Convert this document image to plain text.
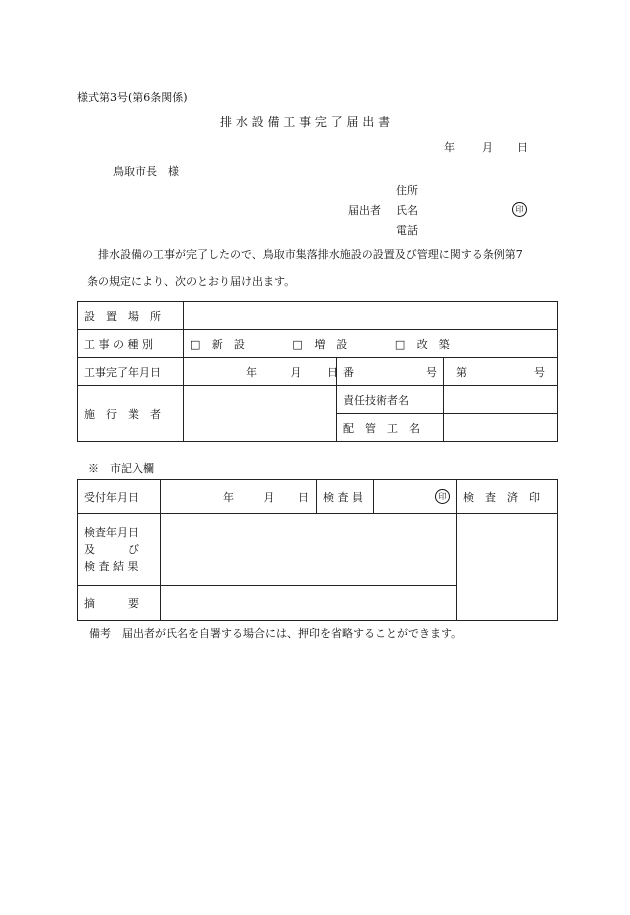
様式第3号(第6条関係)
排 水 設 備 工 事 完 了 届 出 書
年 月 日
鳥取市長　様
住所
届出者 氏名	印
電話
排水設備の工事が完了したので、鳥取市集落排水施設の設置及び管理に関する条例第7
条の規定により、次のとおり届け出ます。
設　置　場　所			

工 事 の 種 別	□ 新　設 □ 増　設 □ 改　築		

工事完了年月日	年 月 日	番 号	第 号

施　行　業　者		責任技術者名	

配　管　工　名	

※　市記入欄
受付年月日	年 月 日	検 査 員	印	検　査　済　印

検査年月日
及　　　び
検 査 結 果				

摘　　　要				

備考　届出者が氏名を自署する場合には、押印を省略することができます。
